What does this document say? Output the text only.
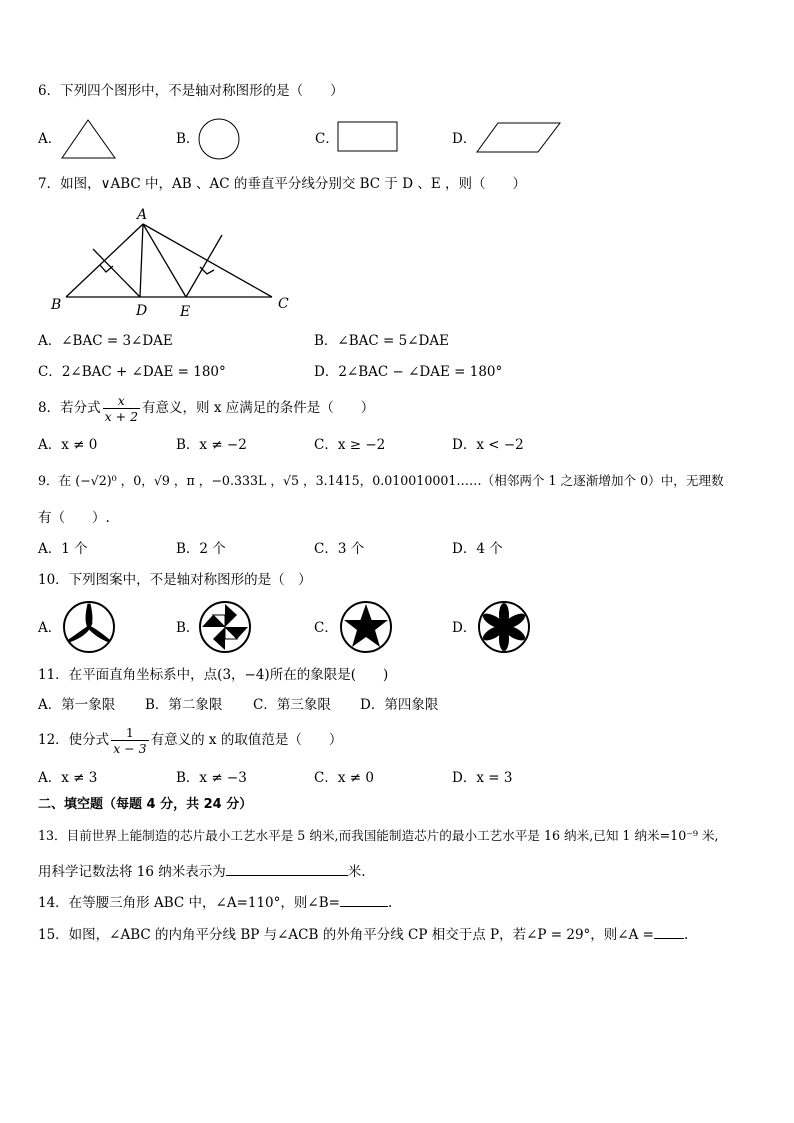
6．下列四个图形中，不是轴对称图形的是（　　）
A．	B．	C．	D．
7．如图，∨ABC 中，AB 、AC 的垂直平分线分别交 BC 于 D 、E ，则（　　）
A
B	C
D E
A．∠BAC = 3∠DAE	B．∠BAC = 5∠DAE
C．2∠BAC + ∠DAE = 180°	D．2∠BAC − ∠DAE = 180°
8．若分式 $\frac{x}{x + 2}$ 有意义，则 x 应满足的条件是（　　）
A．x ≠ 0	B．x ≠ −2	C．x ≥ −2	D．x < −2
9．在 (−√2)⁰ ，0，√9 ，π ，−0.333L ，√5 ，3.1415，0.010010001……（相邻两个 1 之逐渐增加个 0）中，无理数
有（　　）.
A．1 个	B．2 个	C．3 个	D．4 个
10．下列图案中，不是轴对称图形的是（　）
A．	B．	C．	D．
11．在平面直角坐标系中，点(3，−4)所在的象限是(　　)
A．第一象限 B．第二象限 C．第三象限 D．第四象限
12．使分式 $\frac{1}{x - 3}$ 有意义的 x 的取值范是（　　）
A．x ≠ 3	B．x ≠ −3	C．x ≠ 0	D．x = 3
二、填空题（每题 4 分，共 24 分）
13．目前世界上能制造的芯片最小工艺水平是 5 纳米,而我国能制造芯片的最小工艺水平是 16 纳米,已知 1 纳米=10⁻⁹ 米,
用科学记数法将 16 纳米表示为	米.
14．在等腰三角形 ABC 中，∠A=110°，则∠B=	.
15．如图，∠ABC 的内角平分线 BP 与∠ACB 的外角平分线 CP 相交于点 P，若∠P = 29°，则∠A = .
